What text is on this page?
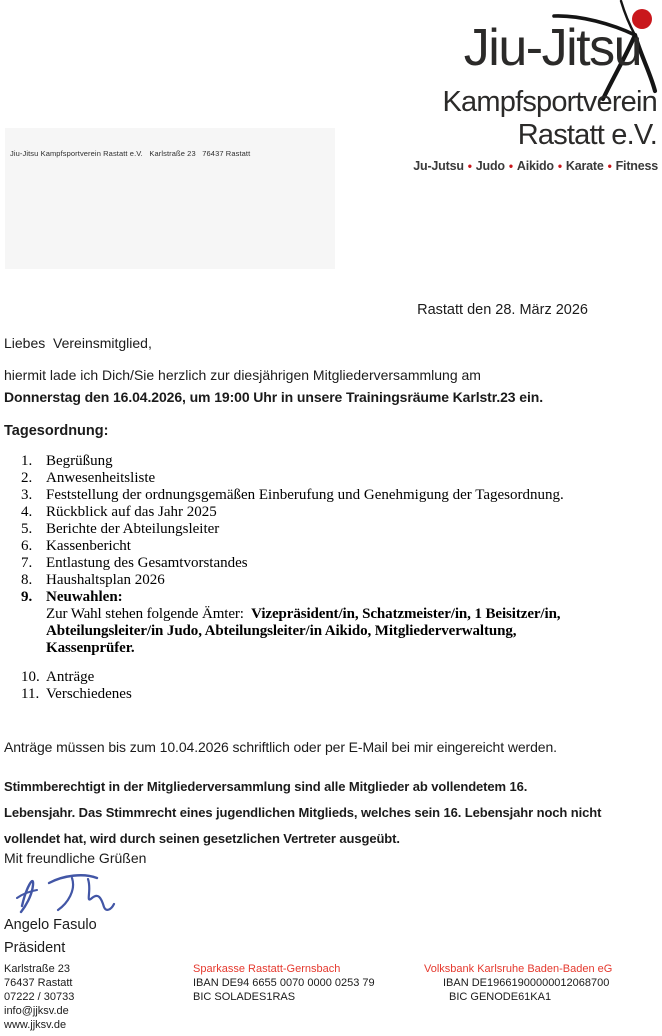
Jiu-Jitsu
Kampfsportverein
Rastatt e.V.
Ju-Jutsu • Judo • Aikido • Karate • Fitness
Jiu-Jitsu Kampfsportverein Rastatt e.V.   Karlstraße 23   76437 Rastatt
Rastatt den 28. März 2026
Liebes  Vereinsmitglied,
hiermit lade ich Dich/Sie herzlich zur diesjährigen Mitgliederversammlung am
Donnerstag den 16.04.2026, um 19:00 Uhr in unsere Trainingsräume Karlstr.23 ein.
Tagesordnung:
1. Begrüßung
2. Anwesenheitsliste
3. Feststellung der ordnungsgemäßen Einberufung und Genehmigung der Tagesordnung.
4. Rückblick auf das Jahr 2025
5. Berichte der Abteilungsleiter
6. Kassenbericht
7. Entlastung des Gesamtvorstandes
8. Haushaltsplan 2026
9. Neuwahlen:
Zur Wahl stehen folgende Ämter:  Vizepräsident/in, Schatzmeister/in, 1 Beisitzer/in,
Abteilungsleiter/in Judo, Abteilungsleiter/in Aikido, Mitgliederverwaltung,
Kassenprüfer.
10. Anträge
11. Verschiedenes
Anträge müssen bis zum 10.04.2026 schriftlich oder per E-Mail bei mir eingereicht werden.
Stimmberechtigt in der Mitgliederversammlung sind alle Mitglieder ab vollendetem 16.
Lebensjahr. Das Stimmrecht eines jugendlichen Mitglieds, welches sein 16. Lebensjahr noch nicht
vollendet hat, wird durch seinen gesetzlichen Vertreter ausgeübt.
Mit freundliche Grüßen
Angelo Fasulo
Präsident
Karlstraße 23
76437 Rastatt
07222 / 30733
info@jjksv.de
www.jjksv.de
Sparkasse Rastatt-Gernsbach
IBAN DE94 6655 0070 0000 0253 79
BIC SOLADES1RAS
Volksbank Karlsruhe Baden-Baden eG
IBAN DE19661900000012068700
BIC GENODE61KA1
